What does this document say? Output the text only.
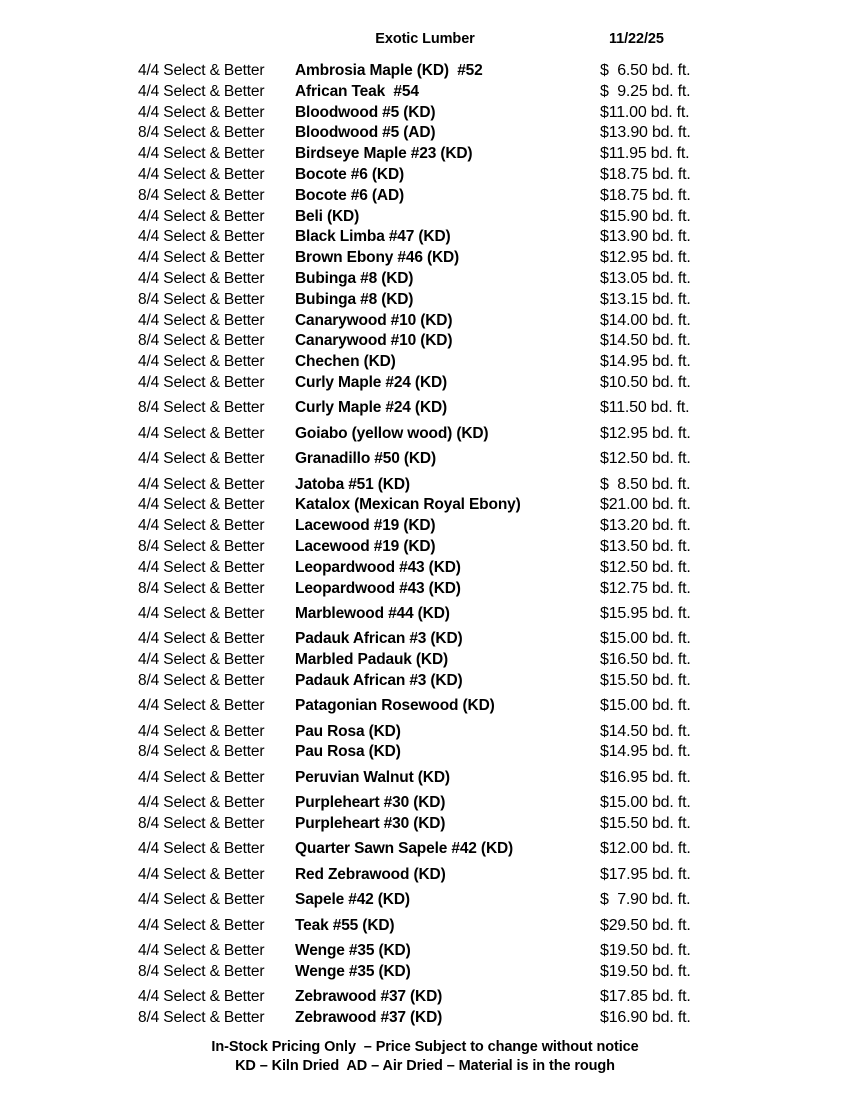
Exotic Lumber	11/22/25
4/4 Select & Better Ambrosia Maple (KD)  #52	$  6.50 bd. ft.
4/4 Select & Better African Teak  #54	$  9.25 bd. ft.
4/4 Select & Better Bloodwood #5 (KD)	$11.00 bd. ft.
8/4 Select & Better Bloodwood #5 (AD)	$13.90 bd. ft.
4/4 Select & Better Birdseye Maple #23 (KD)	$11.95 bd. ft.
4/4 Select & Better Bocote #6 (KD)	$18.75 bd. ft.
8/4 Select & Better Bocote #6 (AD)	$18.75 bd. ft.
4/4 Select & Better Beli (KD)	$15.90 bd. ft.
4/4 Select & Better Black Limba #47 (KD)	$13.90 bd. ft.
4/4 Select & Better Brown Ebony #46 (KD)	$12.95 bd. ft.
4/4 Select & Better Bubinga #8 (KD)	$13.05 bd. ft.
8/4 Select & Better Bubinga #8 (KD)	$13.15 bd. ft.
4/4 Select & Better Canarywood #10 (KD)	$14.00 bd. ft.
8/4 Select & Better Canarywood #10 (KD)	$14.50 bd. ft.
4/4 Select & Better Chechen (KD)	$14.95 bd. ft.
4/4 Select & Better Curly Maple #24 (KD)	$10.50 bd. ft.
8/4 Select & Better Curly Maple #24 (KD)	$11.50 bd. ft.
4/4 Select & Better Goiabo (yellow wood) (KD)	$12.95 bd. ft.
4/4 Select & Better Granadillo #50 (KD)	$12.50 bd. ft.
4/4 Select & Better Jatoba #51 (KD)	$  8.50 bd. ft.
4/4 Select & Better Katalox (Mexican Royal Ebony)	$21.00 bd. ft.
4/4 Select & Better Lacewood #19 (KD)	$13.20 bd. ft.
8/4 Select & Better Lacewood #19 (KD)	$13.50 bd. ft.
4/4 Select & Better Leopardwood #43 (KD)	$12.50 bd. ft.
8/4 Select & Better Leopardwood #43 (KD)	$12.75 bd. ft.
4/4 Select & Better Marblewood #44 (KD)	$15.95 bd. ft.
4/4 Select & Better Padauk African #3 (KD)	$15.00 bd. ft.
4/4 Select & Better Marbled Padauk (KD)	$16.50 bd. ft.
8/4 Select & Better Padauk African #3 (KD)	$15.50 bd. ft.
4/4 Select & Better Patagonian Rosewood (KD)	$15.00 bd. ft.
4/4 Select & Better Pau Rosa (KD)	$14.50 bd. ft.
8/4 Select & Better Pau Rosa (KD)	$14.95 bd. ft.
4/4 Select & Better Peruvian Walnut (KD)	$16.95 bd. ft.
4/4 Select & Better Purpleheart #30 (KD)	$15.00 bd. ft.
8/4 Select & Better Purpleheart #30 (KD)	$15.50 bd. ft.
4/4 Select & Better Quarter Sawn Sapele #42 (KD)	$12.00 bd. ft.
4/4 Select & Better Red Zebrawood (KD)	$17.95 bd. ft.
4/4 Select & Better Sapele #42 (KD)	$  7.90 bd. ft.
4/4 Select & Better Teak #55 (KD)	$29.50 bd. ft.
4/4 Select & Better Wenge #35 (KD)	$19.50 bd. ft.
8/4 Select & Better Wenge #35 (KD)	$19.50 bd. ft.
4/4 Select & Better Zebrawood #37 (KD)	$17.85 bd. ft.
8/4 Select & Better Zebrawood #37 (KD)	$16.90 bd. ft.
In-Stock Pricing Only  – Price Subject to change without notice
KD – Kiln Dried  AD – Air Dried – Material is in the rough
